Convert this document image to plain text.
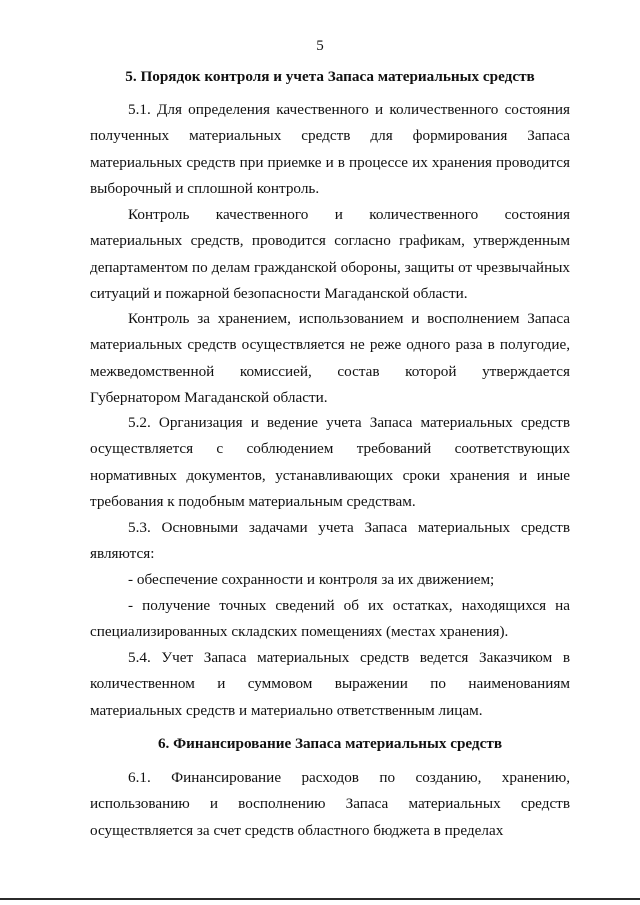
5
5. Порядок контроля и учета Запаса материальных средств

5.1. Для определения качественного и количественного состояния полученных материальных средств для формирования Запаса материальных средств при приемке и в процессе их хранения проводится выборочный и сплошной контроль.

Контроль качественного и количественного состояния материальных средств, проводится согласно графикам, утвержденным департаментом по делам гражданской обороны, защиты от чрезвычайных ситуаций и пожарной безопасности Магаданской области.

Контроль за хранением, использованием и восполнением Запаса материальных средств осуществляется не реже одного раза в полугодие, межведомственной комиссией, состав которой утверждается Губернатором Магаданской области.

5.2. Организация и ведение учета Запаса материальных средств осуществляется с соблюдением требований соответствующих нормативных документов, устанавливающих сроки хранения и иные требования к подобным материальным средствам.

5.3. Основными задачами учета Запаса материальных средств являются:

- обеспечение сохранности и контроля за их движением;

- получение точных сведений об их остатках, находящихся на специализированных складских помещениях (местах хранения).

5.4. Учет Запаса материальных средств ведется Заказчиком в количественном и суммовом выражении по наименованиям материальных средств и материально ответственным лицам.

6. Финансирование Запаса материальных средств

6.1. Финансирование расходов по созданию, хранению, использованию и восполнению Запаса материальных средств осуществляется за счет средств областного бюджета в пределах
